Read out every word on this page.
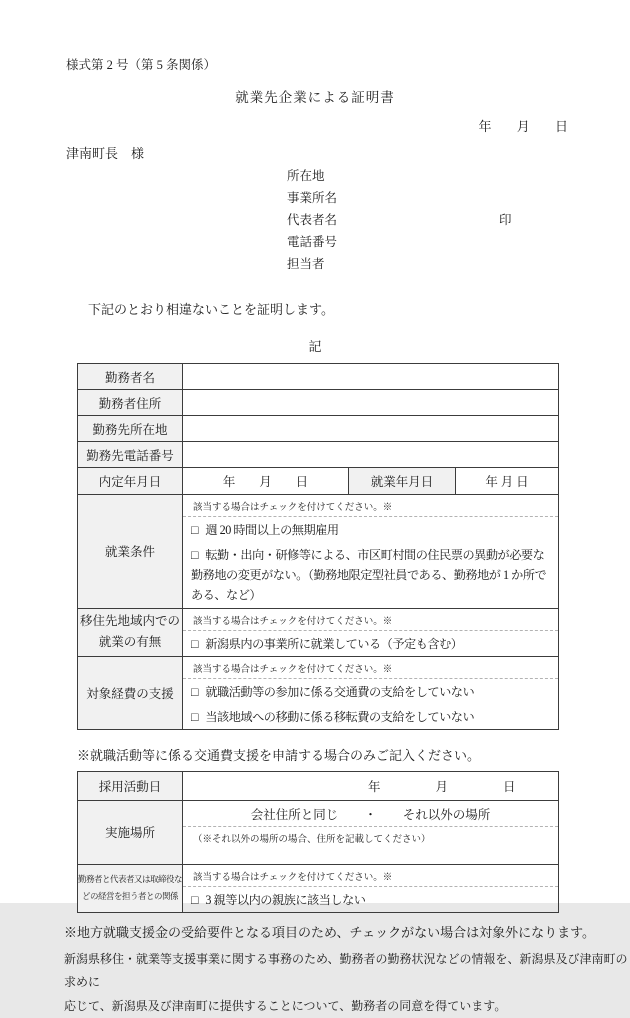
様式第 2 号（第 5 条関係）
就業先企業による証明書
年 月 日
津南町長　様
所在地
事業所名
代表者名	印
電話番号
担当者
下記のとおり相違ないことを証明します。
記
勤務者名			
勤務者住所			
勤務先所在地			
勤務先電話番号			
内定年月日	年 月 日	就業年月日	年 月 日

就業条件	該当する場合はチェックを付けてください。※
□ 週 20 時間以上の無期雇用
□ 転勤・出向・研修等による、市区町村間の住民票の異動が必要な勤務地の変更がない。（勤務地限定型社員である、勤務地が 1 か所である、など）		

移住先地域内での
就業の有無

該当する場合はチェックを付けてください。※
□ 新潟県内の事業所に就業している（予定も含む）

対象経費の支援	該当する場合はチェックを付けてください。※
□ 就職活動等の参加に係る交通費の支給をしていない
□ 当該地域への移動に係る移転費の支給をしていない		
※就職活動等に係る交通費支援を申請する場合のみご記入ください。
採用活動日	年 月 日

実施場所	会社住所と同じ ・ それ以外の場所
（※それ以外の場所の場合、住所を記載してください）

勤務者と代表者又は取締役な
どの経営を担う者との関係

該当する場合はチェックを付けてください。※
□ 3 親等以内の親族に該当しない
※地方就職支援金の受給要件となる項目のため、チェックがない場合は対象外になります。
新潟県移住・就業等支援事業に関する事務のため、勤務者の勤務状況などの情報を、新潟県及び津南町の求めに
応じて、新潟県及び津南町に提供することについて、勤務者の同意を得ています。
